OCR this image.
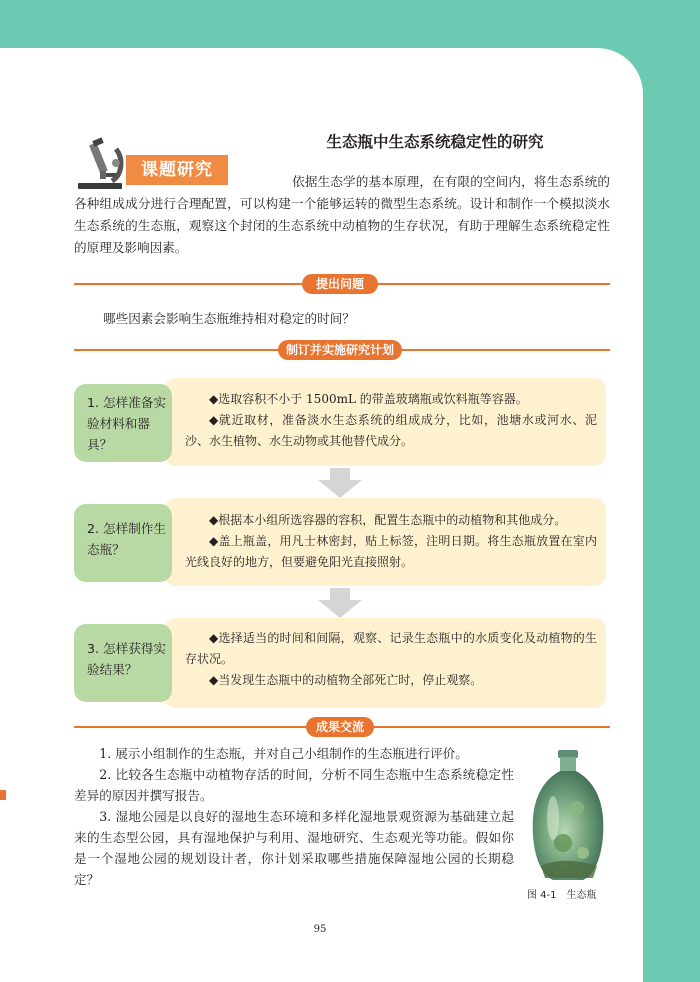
课题研究
生态瓶中生态系统稳定性的研究
依据生态学的基本原理，在有限的空间内，将生态系统的各种组成成分进行合理配置，可以构建一个能够运转的微型生态系统。设计和制作一个模拟淡水生态系统的生态瓶，观察这个封闭的生态系统中动植物的生存状况，有助于理解生态系统稳定性的原理及影响因素。
提出问题
哪些因素会影响生态瓶维持相对稳定的时间？
制订并实施研究计划
1. 怎样准备实验材料和器具？

◆选取容积不小于 1500mL 的带盖玻璃瓶或饮料瓶等容器。

◆就近取材，准备淡水生态系统的组成成分，比如，池塘水或河水、泥沙、水生植物、水生动物或其他替代成分。

2. 怎样制作生态瓶？

◆根据本小组所选容器的容积，配置生态瓶中的动植物和其他成分。

◆盖上瓶盖，用凡士林密封，贴上标签，注明日期。将生态瓶放置在室内光线良好的地方，但要避免阳光直接照射。

3. 怎样获得实验结果？

◆选择适当的时间和间隔，观察、记录生态瓶中的水质变化及动植物的生存状况。

◆当发现生态瓶中的动植物全部死亡时，停止观察。

成果交流

1. 展示小组制作的生态瓶，并对自己小组制作的生态瓶进行评价。

2. 比较各生态瓶中动植物存活的时间，分析不同生态瓶中生态系统稳定性差异的原因并撰写报告。

3. 湿地公园是以良好的湿地生态环境和多样化湿地景观资源为基础建立起来的生态型公园，具有湿地保护与利用、湿地研究、生态观光等功能。假如你是一个湿地公园的规划设计者，你计划采取哪些措施保障湿地公园的长期稳定？

图 4-1　生态瓶
95
